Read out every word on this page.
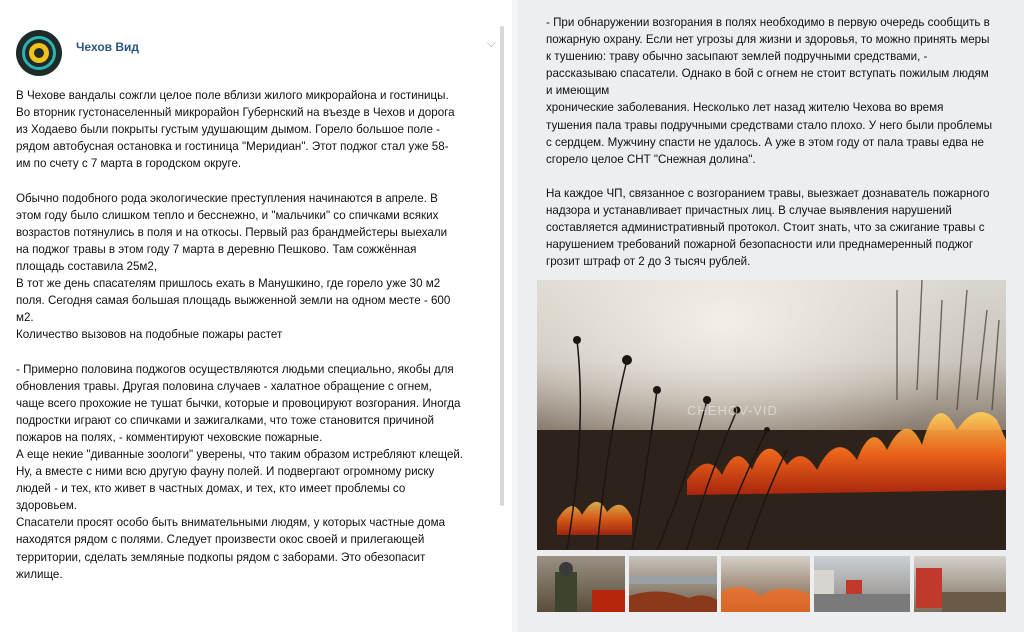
Чехов Вид	⌵
В Чехове вандалы сожгли целое поле вблизи жилого микрорайона и гостиницы.
Во вторник густонаселенный микрорайон Губернский на въезде в Чехов и дорога
из Ходаево были покрыты густым удушающим дымом. Горело большое поле -
рядом автобусная остановка и гостиница "Меридиан". Этот поджог стал уже 58-
им по счету с 7 марта в городском округе.
Обычно подобного рода экологические преступления начинаются в апреле. В
этом году было слишком тепло и бесснежно, и "мальчики" со спичками всяких
возрастов потянулись в поля и на откосы. Первый раз брандмейстеры выехали
на поджог травы в этом году 7 марта в деревню Пешково. Там сожжённая
площадь составила 25м2,
В тот же день спасателям пришлось ехать в Манушкино, где горело уже 30 м2
поля. Сегодня самая большая площадь выжженной земли на одном месте - 600
м2.
Количество вызовов на подобные пожары растет
- Примерно половина поджогов осуществляются людьми специально, якобы для
обновления травы. Другая половина случаев - халатное обращение с огнем,
чаще всего прохожие не тушат бычки, которые и провоцируют возгорания. Иногда
подростки играют со спичками и зажигалками, что тоже становится причиной
пожаров на полях, - комментируют чеховские пожарные.
А еще некие "диванные зоологи" уверены, что таким образом истребляют клещей.
Ну, а вместе с ними всю другую фауну полей. И подвергают огромному риску
людей - и тех, кто живет в частных домах, и тех, кто имеет проблемы со
здоровьем.
Спасатели просят особо быть внимательными людям, у которых частные дома
находятся рядом с полями. Следует произвести окос своей и прилегающей
территории, сделать земляные подкопы рядом с заборами. Это обезопасит
жилище.
- При обнаружении возгорания в полях необходимо в первую очередь сообщить в
пожарную охрану. Если нет угрозы для жизни и здоровья, то можно принять меры
к тушению: траву обычно засыпают землей подручными средствами, -
рассказываю спасатели. Однако в бой с огнем не стоит вступать пожилым людям
и имеющим
хронические заболевания. Несколько лет назад жителю Чехова во время
тушения пала травы подручными средствами стало плохо. У него были проблемы
с сердцем. Мужчину спасти не удалось. А уже в этом году от пала травы едва не
сгорело целое СНТ "Снежная долина".
На каждое ЧП, связанное с возгоранием травы, выезжает дознаватель пожарного
надзора и устанавливает причастных лиц. В случае выявления нарушений
составляется административный протокол. Стоит знать, что за сжигание травы с
нарушением требований пожарной безопасности или преднамеренный поджог
грозит штраф от 2 до 3 тысяч рублей.
CHEHOV-VID
